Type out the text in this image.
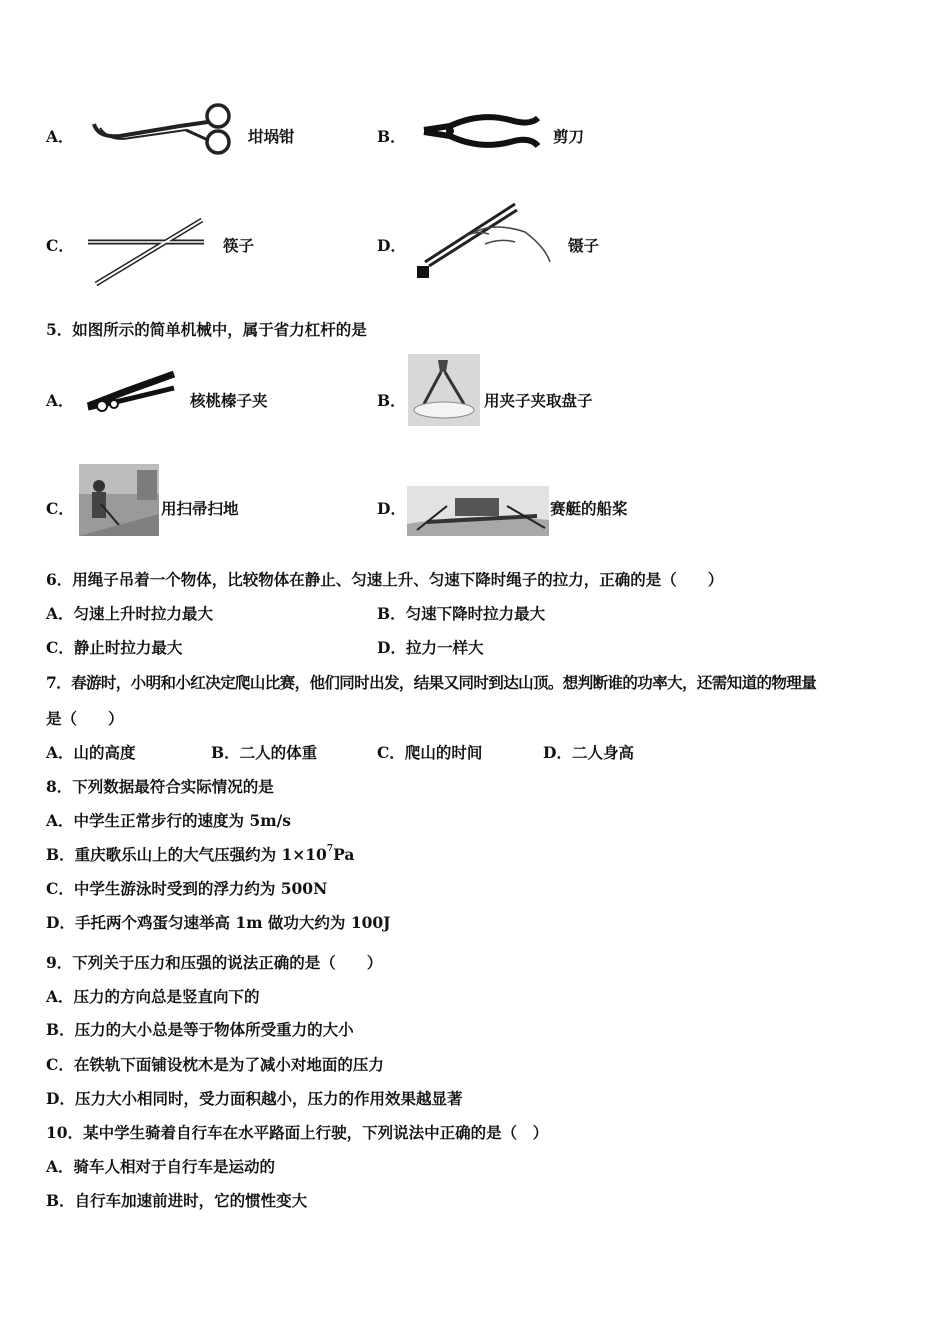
A．	坩埚钳	B．	剪刀
C．	筷子	D．	镊子
5．如图所示的简单机械中，属于省力杠杆的是
A．	核桃榛子夹	B．	用夹子夹取盘子
C．	用扫帚扫地	D．	赛艇的船桨
6．用绳子吊着一个物体，比较物体在静止、匀速上升、匀速下降时绳子的拉力，正确的是（　　）
A．匀速上升时拉力最大	B．匀速下降时拉力最大
C．静止时拉力最大	D．拉力一样大
7．春游时，小明和小红决定爬山比赛，他们同时出发，结果又同时到达山顶。想判断谁的功率大，还需知道的物理量
是（　　）
A．山的高度	B．二人的体重	C．爬山的时间	D．二人身高
8．下列数据最符合实际情况的是
A．中学生正常步行的速度为 5m/s
B．重庆歌乐山上的大气压强约为 $1\times 10^7Pa$
C．中学生游泳时受到的浮力约为 500N
D．手托两个鸡蛋匀速举高 1m 做功大约为 100J
9．下列关于压力和压强的说法正确的是（　　）
A．压力的方向总是竖直向下的
B．压力的大小总是等于物体所受重力的大小
C．在铁轨下面铺设枕木是为了减小对地面的压力
D．压力大小相同时，受力面积越小，压力的作用效果越显著
10．某中学生骑着自行车在水平路面上行驶，下列说法中正确的是（　）
A．骑车人相对于自行车是运动的
B．自行车加速前进时，它的惯性变大
